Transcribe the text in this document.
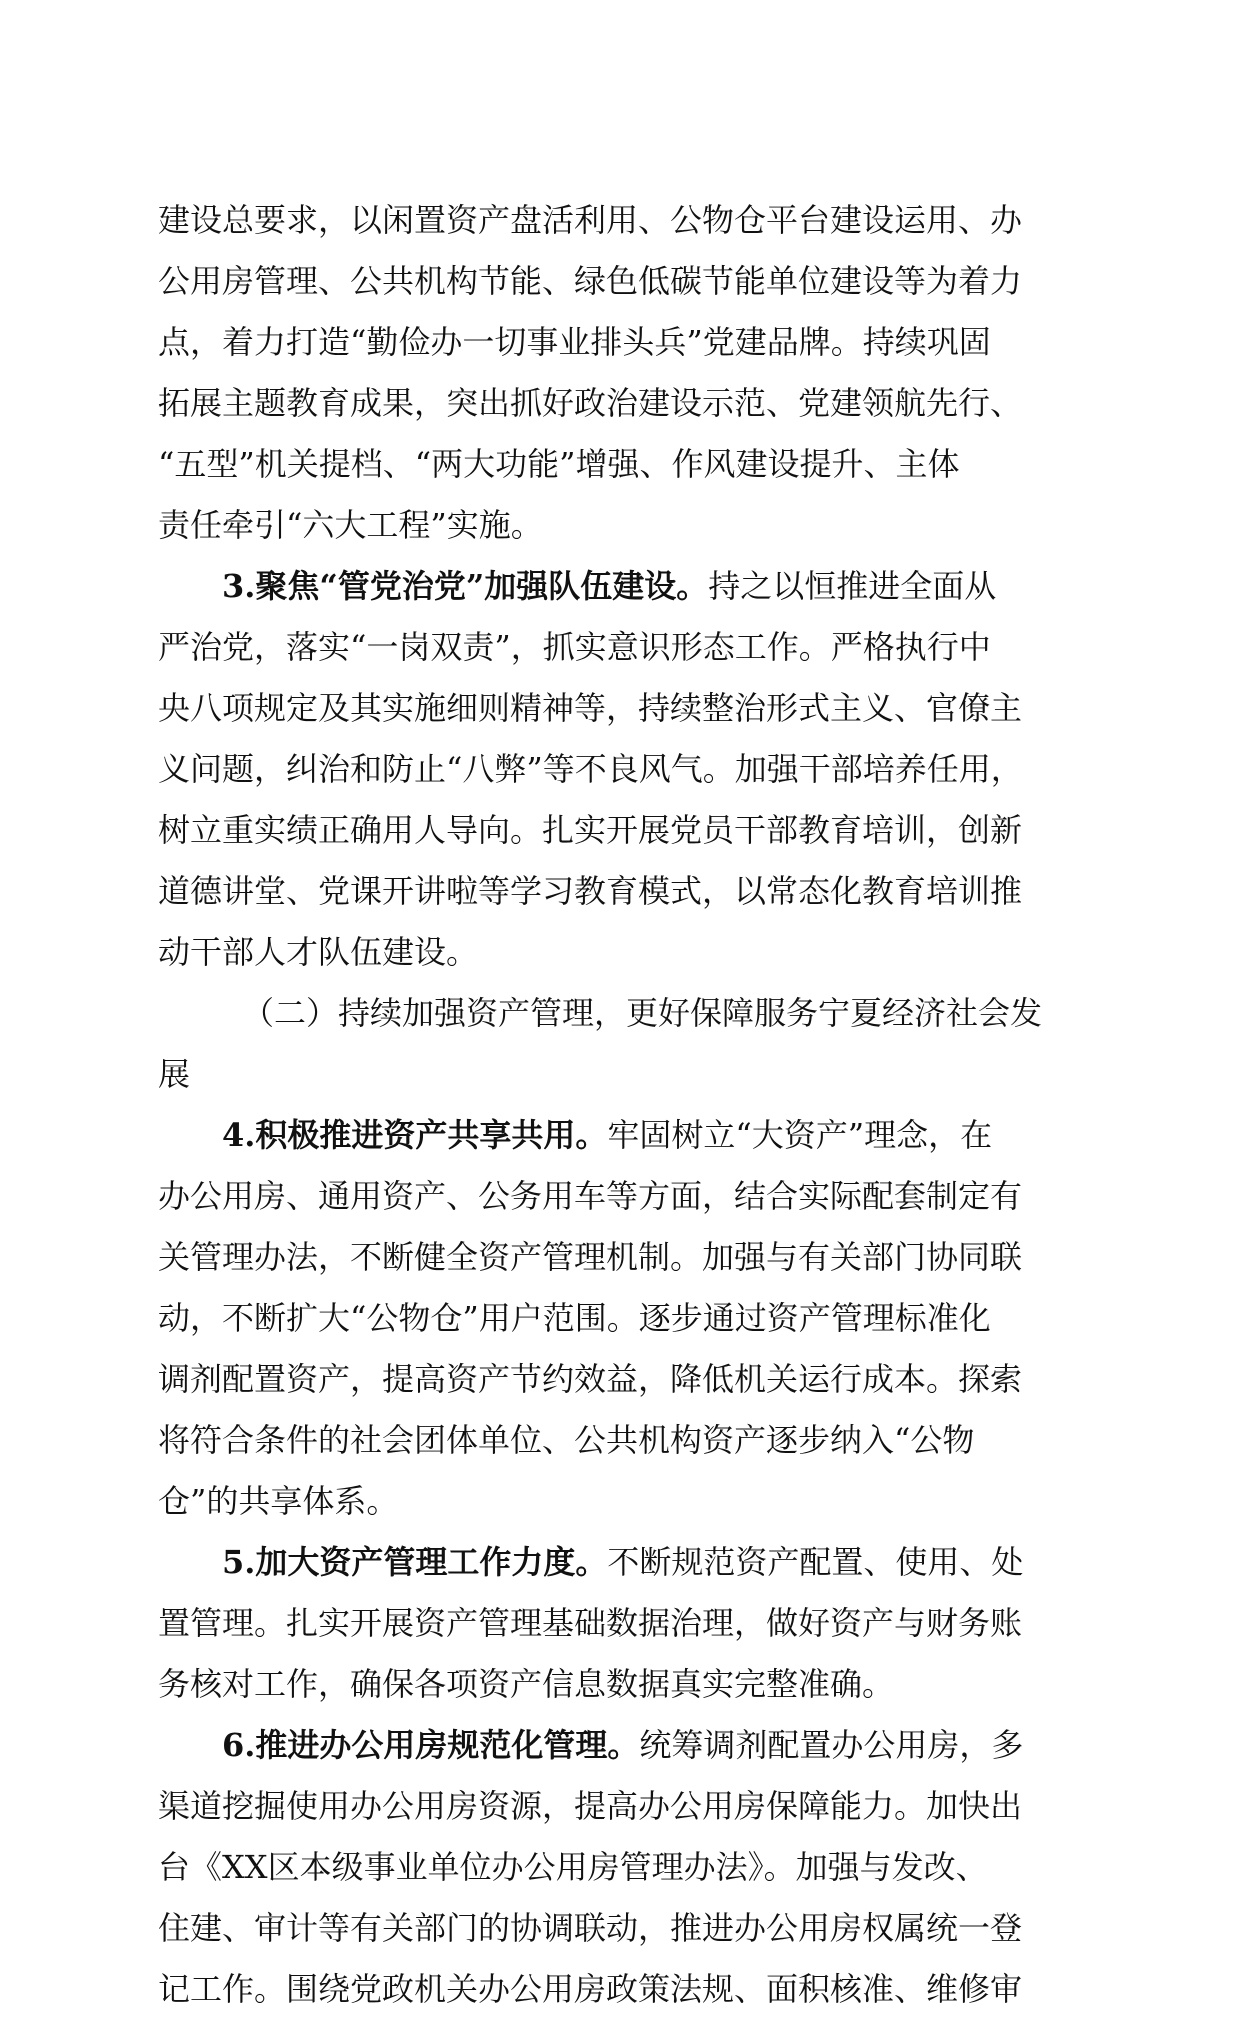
建设总要求，以闲置资产盘活利用、公物仓平台建设运用、办
公用房管理、公共机构节能、绿色低碳节能单位建设等为着力
点，着力打造“勤俭办一切事业排头兵”党建品牌。持续巩固
拓展主题教育成果，突出抓好政治建设示范、党建领航先行、
“五型”机关提档、“两大功能”增强、作风建设提升、主体
责任牵引“六大工程”实施。
3.聚焦“管党治党”加强队伍建设。持之以恒推进全面从
严治党，落实“一岗双责”，抓实意识形态工作。严格执行中
央八项规定及其实施细则精神等，持续整治形式主义、官僚主
义问题，纠治和防止“八弊”等不良风气。加强干部培养任用，
树立重实绩正确用人导向。扎实开展党员干部教育培训，创新
道德讲堂、党课开讲啦等学习教育模式，以常态化教育培训推
动干部人才队伍建设。
（二）持续加强资产管理，更好保障服务宁夏经济社会发
展
4.积极推进资产共享共用。牢固树立“大资产”理念，在
办公用房、通用资产、公务用车等方面，结合实际配套制定有
关管理办法，不断健全资产管理机制。加强与有关部门协同联
动，不断扩大“公物仓”用户范围。逐步通过资产管理标准化
调剂配置资产，提高资产节约效益，降低机关运行成本。探索
将符合条件的社会团体单位、公共机构资产逐步纳入“公物
仓”的共享体系。
5.加大资产管理工作力度。不断规范资产配置、使用、处
置管理。扎实开展资产管理基础数据治理，做好资产与财务账
务核对工作，确保各项资产信息数据真实完整准确。
6.推进办公用房规范化管理。统筹调剂配置办公用房，多
渠道挖掘使用办公用房资源，提高办公用房保障能力。加快出
台《XX区本级事业单位办公用房管理办法》。加强与发改、
住建、审计等有关部门的协调联动，推进办公用房权属统一登
记工作。围绕党政机关办公用房政策法规、面积核准、维修审
